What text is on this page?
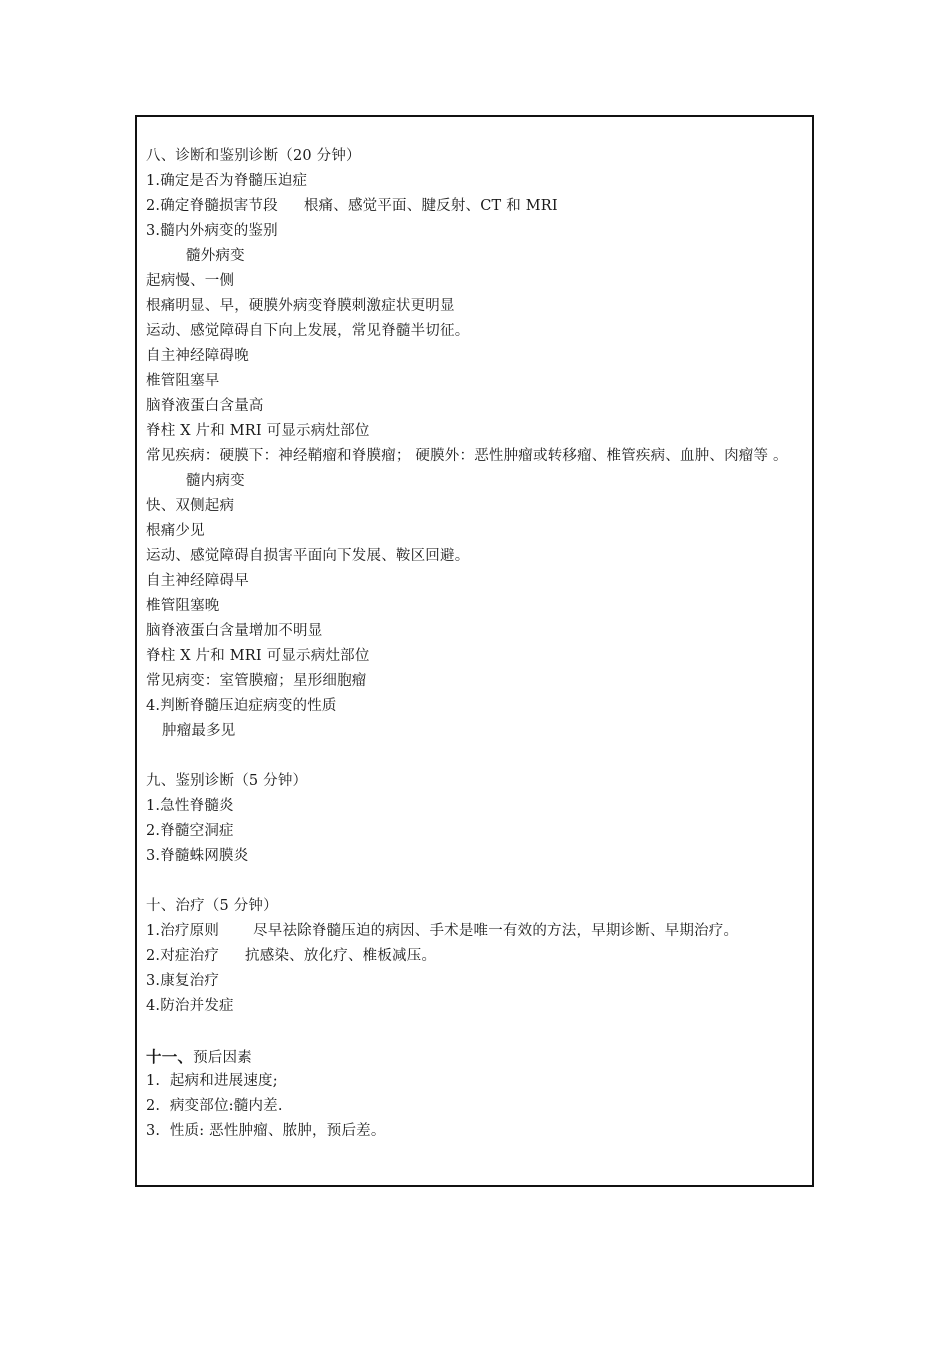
八、诊断和鉴别诊断（20 分钟）
1.确定是否为脊髓压迫症
2.确定脊髓损害节段 根痛、感觉平面、腱反射、CT 和 MRI
3.髓内外病变的鉴别
髓外病变
起病慢、一侧
根痛明显、早，硬膜外病变脊膜刺激症状更明显
运动、感觉障碍自下向上发展，常见脊髓半切征。
自主神经障碍晚
椎管阻塞早
脑脊液蛋白含量高
脊柱 X 片和 MRI 可显示病灶部位
常见疾病：硬膜下：神经鞘瘤和脊膜瘤； 硬膜外：恶性肿瘤或转移瘤、椎管疾病、血肿、肉瘤等 。
髓内病变
快、双侧起病
根痛少见
运动、感觉障碍自损害平面向下发展、鞍区回避。
自主神经障碍早
椎管阻塞晚
脑脊液蛋白含量增加不明显
脊柱 X 片和 MRI 可显示病灶部位
常见病变：室管膜瘤；星形细胞瘤
4.判断脊髓压迫症病变的性质
肿瘤最多见
九、鉴别诊断（5 分钟）
1.急性脊髓炎
2.脊髓空洞症
3.脊髓蛛网膜炎
十、治疗（5 分钟）
1.治疗原则 尽早祛除脊髓压迫的病因、手术是唯一有效的方法，早期诊断、早期治疗。
2.对症治疗 抗感染、放化疗、椎板减压。
3.康复治疗
4.防治并发症
十一、预后因素
1.  起病和进展速度;
2.  病变部位:髓内差.
3.  性质: 恶性肿瘤、脓肿，预后差。
